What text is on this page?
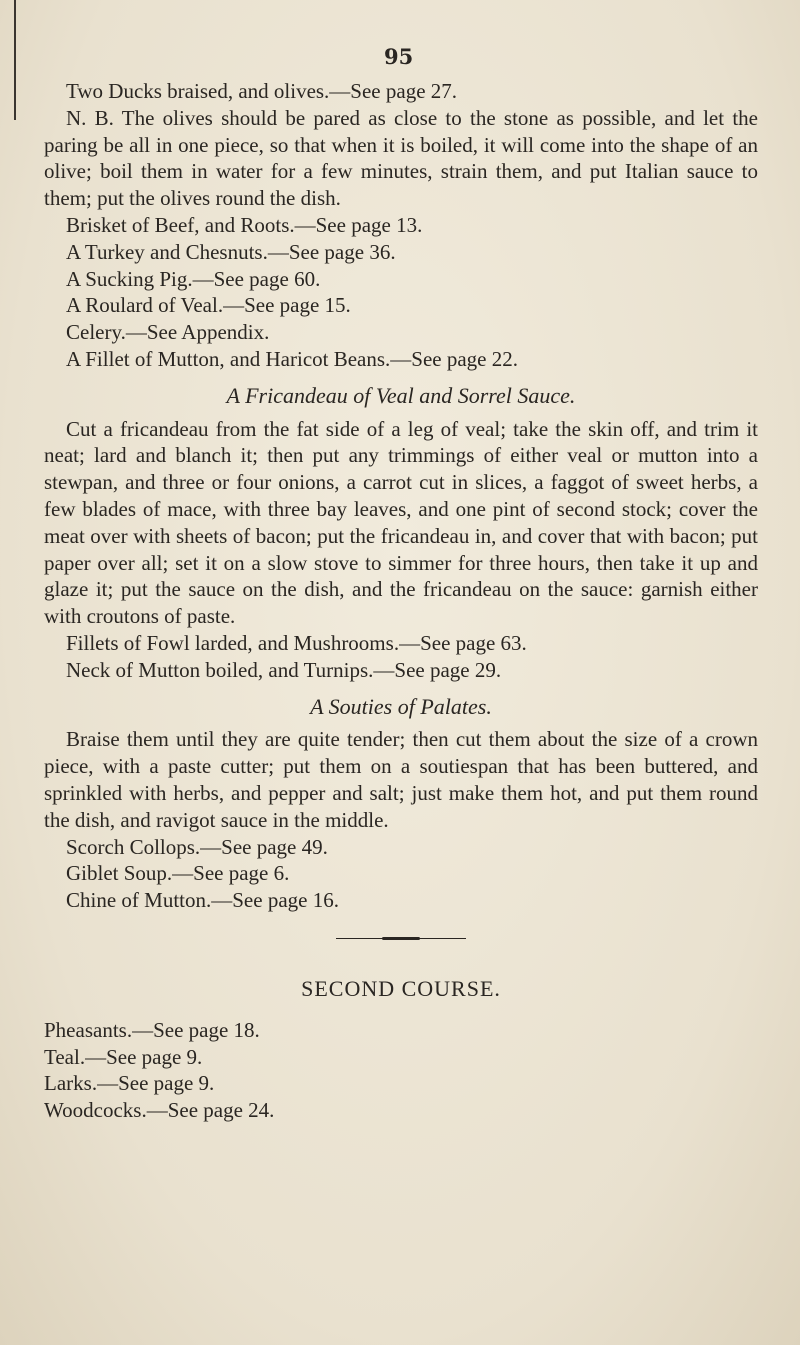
95
Two Ducks braised, and olives.—See page 27.

N. B. The olives should be pared as close to the stone as possible, and let the paring be all in one piece, so that when it is boiled, it will come into the shape of an olive; boil them in water for a few minutes, strain them, and put Italian sauce to them; put the olives round the dish.

Brisket of Beef, and Roots.—See page 13.
A Turkey and Chesnuts.—See page 36.
A Sucking Pig.—See page 60.
A Roulard of Veal.—See page 15.
Celery.—See Appendix.
A Fillet of Mutton, and Haricot Beans.—See page 22.
A Fricandeau of Veal and Sorrel Sauce.

Cut a fricandeau from the fat side of a leg of veal; take the skin off, and trim it neat; lard and blanch it; then put any trimmings of either veal or mutton into a stewpan, and three or four onions, a carrot cut in slices, a faggot of sweet herbs, a few blades of mace, with three bay leaves, and one pint of second stock; cover the meat over with sheets of bacon; put the fricandeau in, and cover that with bacon; put paper over all; set it on a slow stove to simmer for three hours, then take it up and glaze it; put the sauce on the dish, and the fricandeau on the sauce: garnish either with croutons of paste.

Fillets of Fowl larded, and Mushrooms.—See page 63.
Neck of Mutton boiled, and Turnips.—See page 29.
A Souties of Palates.

Braise them until they are quite tender; then cut them about the size of a crown piece, with a paste cutter; put them on a soutiespan that has been buttered, and sprinkled with herbs, and pepper and salt; just make them hot, and put them round the dish, and ravigot sauce in the middle.

Scorch Collops.—See page 49.
Giblet Soup.—See page 6.
Chine of Mutton.—See page 16.
SECOND COURSE.
Pheasants.—See page 18.
Teal.—See page 9.
Larks.—See page 9.
Woodcocks.—See page 24.
